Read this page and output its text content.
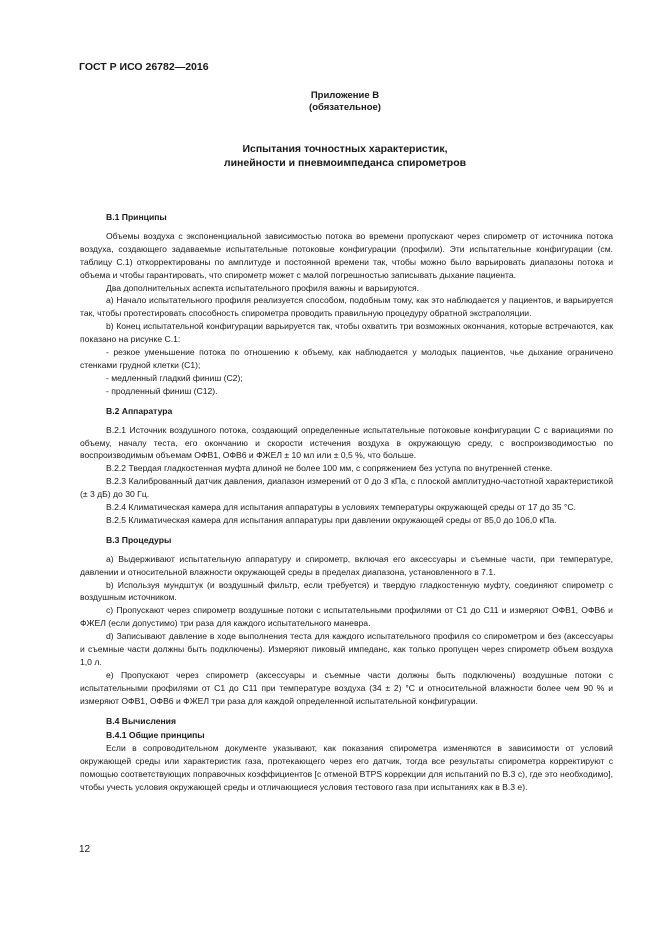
ГОСТ Р ИСО 26782—2016
Приложение В
(обязательное)
Испытания точностных характеристик,
линейности и пневмоимпеданса спирометров

В.1 Принципы

Объемы воздуха с экспоненциальной зависимостью потока во времени пропускают через спирометр от источника потока воздуха, создающего задаваемые испытательные потоковые конфигурации (профили). Эти испытательные конфигурации (см. таблицу С.1) откорректированы по амплитуде и постоянной времени так, чтобы можно было варьировать диапазоны потока и объема и чтобы гарантировать, что спирометр может с малой погрешностью записывать дыхание пациента.

Два дополнительных аспекта испытательного профиля важны и варьируются.

а) Начало испытательного профиля реализуется способом, подобным тому, как это наблюдается у пациентов, и варьируется так, чтобы протестировать способность спирометра проводить правильную процедуру обратной экстраполяции.

b) Конец испытательной конфигурации варьируется так, чтобы охватить три возможных окончания, которые встречаются, как показано на рисунке С.1:

- резкое уменьшение потока по отношению к объему, как наблюдается у молодых пациентов, чье дыхание ограничено стенками грудной клетки (С1);

- медленный гладкий финиш (С2);

- продленный финиш (С12).

В.2 Аппаратура

В.2.1 Источник воздушного потока, создающий определенные испытательные потоковые конфигурации С с вариациями по объему, началу теста, его окончанию и скорости истечения воздуха в окружающую среду, с воспроизводимостью по воспроизводимым объемам ОФВ1, ОФВ6 и ФЖЕЛ ± 10 мл или ± 0,5 %, что больше.

В.2.2 Твердая гладкостенная муфта длиной не более 100 мм, с сопряжением без уступа по внутренней стенке.

В.2.3 Калиброванный датчик давления, диапазон измерений от 0 до 3 кПа, с плоской амплитудно-частотной характеристикой (± 3 дБ) до 30 Гц.

В.2.4 Климатическая камера для испытания аппаратуры в условиях температуры окружающей среды от 17 до 35 °С.

В.2.5 Климатическая камера для испытания аппаратуры при давлении окружающей среды от 85,0 до 106,0 кПа.

В.3 Процедуры

а) Выдерживают испытательную аппаратуру и спирометр, включая его аксессуары и съемные части, при температуре, давлении и относительной влажности окружающей среды в пределах диапазона, установленного в 7.1.

b) Используя мундштук (и воздушный фильтр, если требуется) и твердую гладкостенную муфту, соединяют спирометр с воздушным источником.

с) Пропускают через спирометр воздушные потоки с испытательными профилями от С1 до С11 и измеряют ОФВ1, ОФВ6 и ФЖЕЛ (если допустимо) три раза для каждого испытательного маневра.

d) Записывают давление в ходе выполнения теста для каждого испытательного профиля со спирометром и без (аксессуары и съемные части должны быть подключены). Измеряют пиковый импеданс, как только пропущен через спирометр объем воздуха 1,0 л.

е) Пропускают через спирометр (аксессуары и съемные части должны быть подключены) воздушные потоки с испытательными профилями от С1 до С11 при температуре воздуха (34 ± 2) °С и относительной влажности более чем 90 % и измеряют ОФВ1, ОФВ6 и ФЖЕЛ три раза для каждой определенной испытательной конфигурации.

В.4 Вычисления

В.4.1 Общие принципы

Если в сопроводительном документе указывают, как показания спирометра изменяются в зависимости от условий окружающей среды или характеристик газа, протекающего через его датчик, тогда все результаты спирометра корректируют с помощью соответствующих поправочных коэффициентов [с отменой BTPS коррекции для испытаний по В.3 с), где это необходимо], чтобы учесть условия окружающей среды и отличающиеся условия тестового газа при испытаниях как в В.3 е).

12
